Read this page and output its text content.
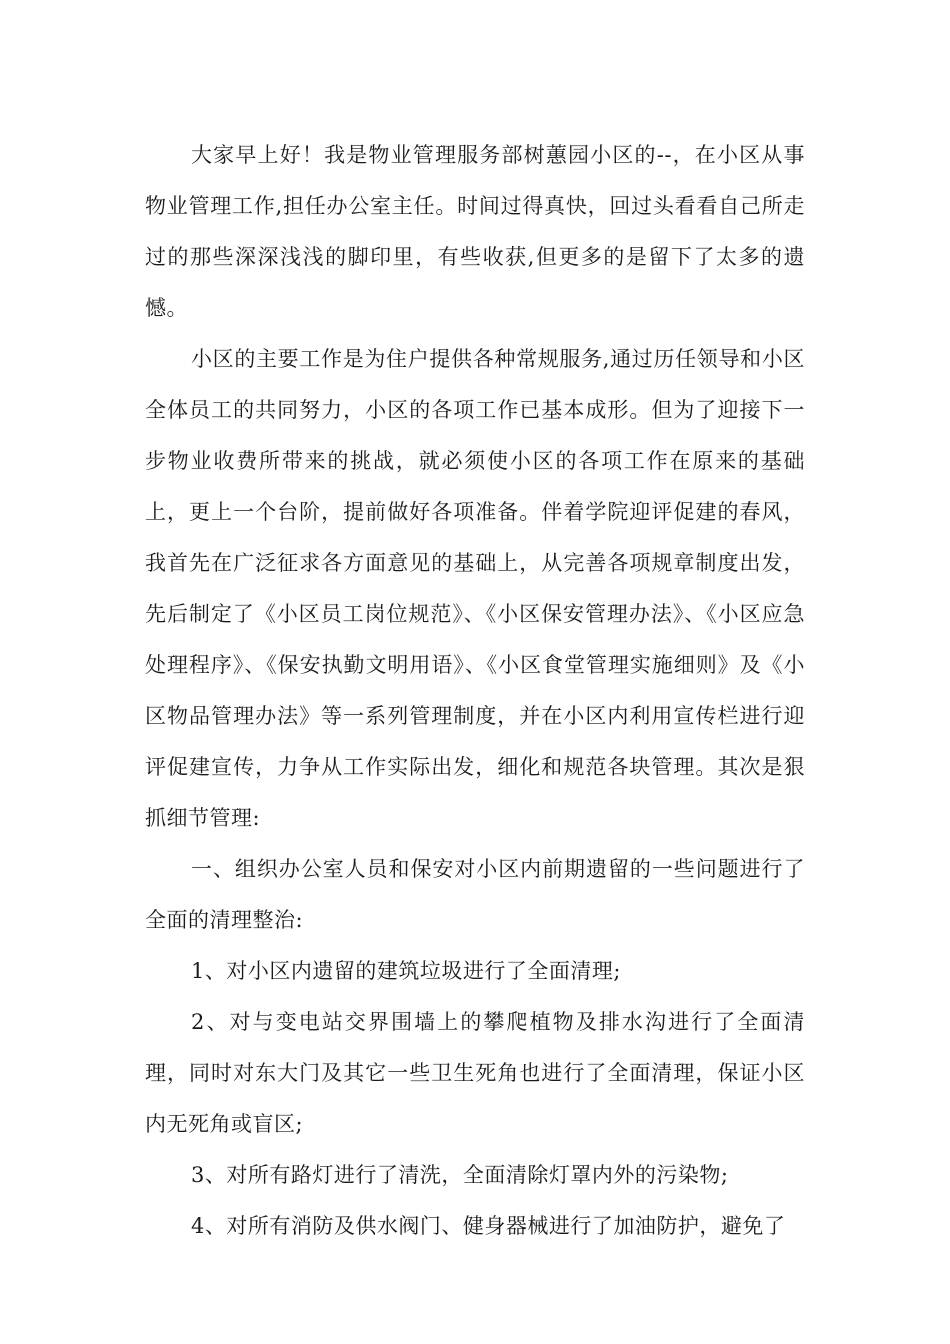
大家早上好！我是物业管理服务部树蕙园小区的--，在小区从事物业管理工作,担任办公室主任。时间过得真快，回过头看看自己所走过的那些深深浅浅的脚印里，有些收获,但更多的是留下了太多的遗憾。

小区的主要工作是为住户提供各种常规服务,通过历任领导和小区全体员工的共同努力，小区的各项工作已基本成形。但为了迎接下一步物业收费所带来的挑战，就必须使小区的各项工作在原来的基础上，更上一个台阶，提前做好各项准备。伴着学院迎评促建的春风，我首先在广泛征求各方面意见的基础上，从完善各项规章制度出发，先后制定了《小区员工岗位规范》、《小区保安管理办法》、《小区应急处理程序》、《保安执勤文明用语》、《小区食堂管理实施细则》及《小区物品管理办法》等一系列管理制度，并在小区内利用宣传栏进行迎评促建宣传，力争从工作实际出发，细化和规范各块管理。其次是狠抓细节管理:

一、组织办公室人员和保安对小区内前期遗留的一些问题进行了全面的清理整治:

1、对小区内遗留的建筑垃圾进行了全面清理;

2、对与变电站交界围墙上的攀爬植物及排水沟进行了全面清理，同时对东大门及其它一些卫生死角也进行了全面清理，保证小区内无死角或盲区;

3、对所有路灯进行了清洗，全面清除灯罩内外的污染物;

4、对所有消防及供水阀门、健身器械进行了加油防护，避免了
